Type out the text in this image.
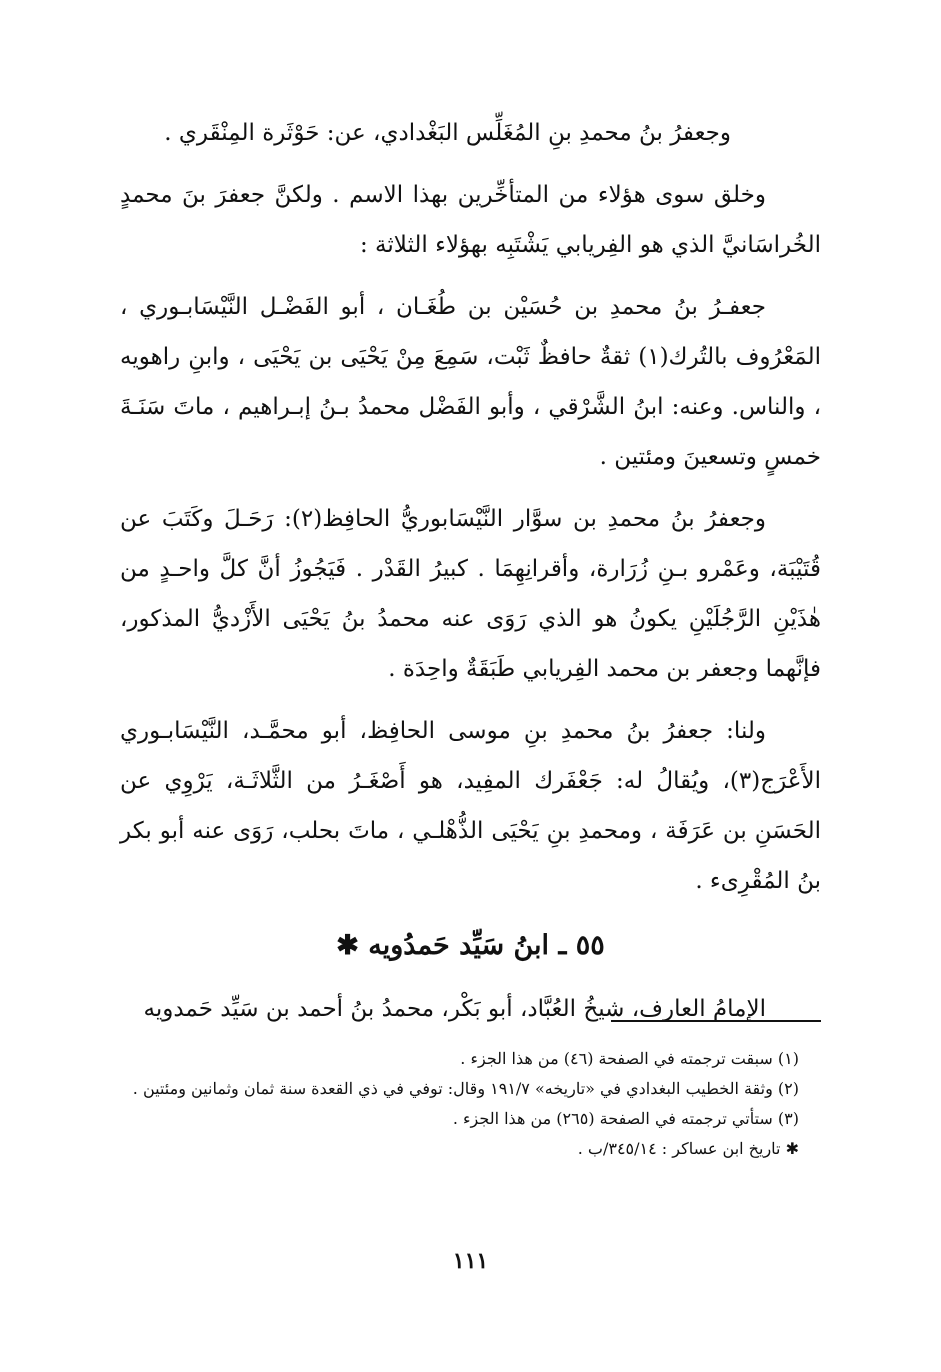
وجعفرُ بنُ محمدِ بنِ المُغَلِّس البَغْدادي، عن: حَوْثَرة المِنْقَري .

وخلق سوى هؤلاء من المتأخِّرين بهذا الاسم . ولكنَّ جعفرَ بنَ محمدٍ الخُراسَانيَّ الذي هو الفِريابي يَشْتَبِه بهؤلاء الثلاثة :

جعفـرُ بنُ محمدِ بن حُسَيْن بن طُغَـان ، أبو الفَضْـل النَّيْسَابـوري ، المَعْرُوف بالتُرك(١) ثقةٌ حافظٌ ثَبْت، سَمِعَ مِنْ يَحْيَى بن يَحْيَى ، وابنِ راهويه ، والناس. وعنه: ابنُ الشَّرْقي ، وأبو الفَضْل محمدُ بـنُ إبـراهيم ، ماتَ سَنَـةَ خمسٍ وتسعينَ ومئتين .

وجعفرُ بنُ محمدِ بن سوَّار النَّيْسَابوريُّ الحافِظ(٢): رَحَـلَ وكَتَبَ عن قُتَيْبَة، وعَمْرو بـنِ زُرَارة، وأقرانِهِمَا . كبيرُ القَدْر . فَيَجُوزُ أنَّ كلَّ واحـدٍ من هٰذَيْنِ الرَّجُلَيْنِ يكونُ هو الذي رَوَى عنه محمدُ بنُ يَحْيَى الأَزْديُّ المذكور، فإنَّهما وجعفر بن محمد الفِريابي طَبَقَةٌ واحِدَة .

ولنا: جعفرُ بنُ محمدِ بنِ موسى الحافِظ، أبو محمَّـد، النَّيْسَابـوري الأَعْرَج(٣)، ويُقالُ له: جَعْفَرك المفِيد، هو أَصْغَـرُ من الثَّلاثَـة، يَرْوِي عن الحَسَنِ بن عَرَفَة ، ومحمدِ بنِ يَحْيَى الذُّهْلـي ، ماتَ بحلب، رَوَى عنه أبو بكر بنُ المُقْرِىء .

٥٥ ـ ابنُ سَيِّد حَمدُويه ✱

الإمامُ العارف، شيخُ العُبَّاد، أبو بَكْر، محمدُ بنُ أحمد بن سَيِّد حَمدويه

(١) سبقت ترجمته في الصفحة (٤٦) من هذا الجزء .

(٢) وثقة الخطيب البغدادي في «تاريخه» ١٩١/٧ وقال: توفي في ذي القعدة سنة ثمان وثمانين ومئتين .

(٣) ستأتي ترجمته في الصفحة (٢٦٥) من هذا الجزء .

✱ تاريخ ابن عساكر : ٣٤٥/١٤/ب .

١١١
